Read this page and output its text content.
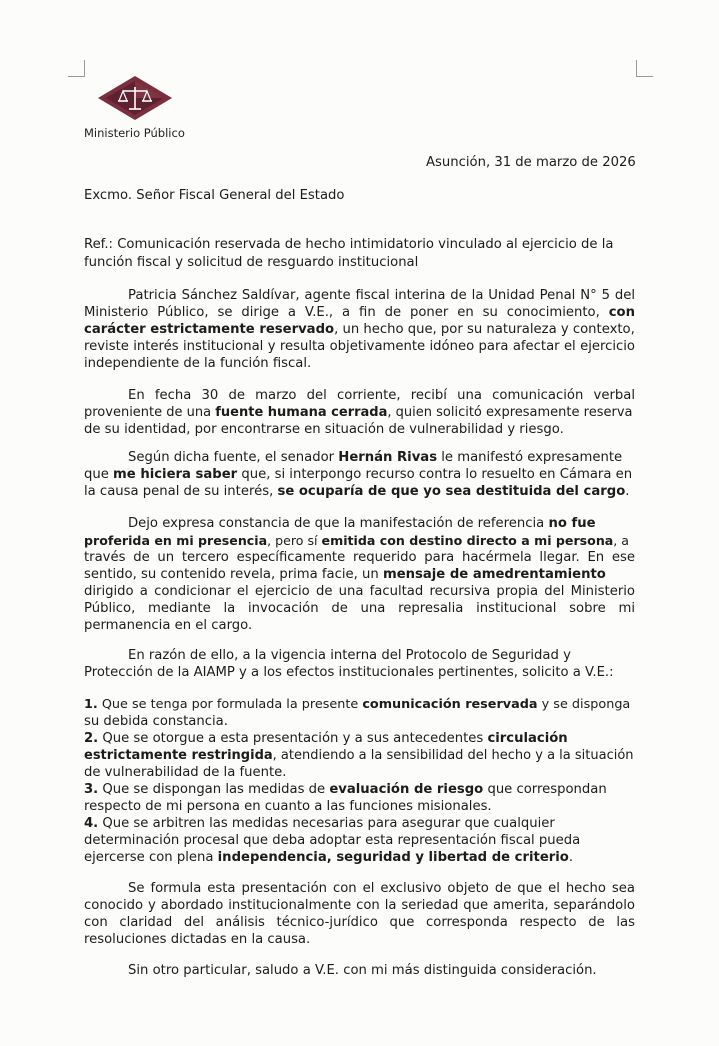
Ministerio Público
Asunción, 31 de marzo de 2026
Excmo. Señor Fiscal General del Estado
Ref.: Comunicación reservada de hecho intimidatorio vinculado al ejercicio de la
función fiscal y solicitud de resguardo institucional
Patricia Sánchez Saldívar, agente fiscal interina de la Unidad Penal N° 5 del
Ministerio Público, se dirige a V.E., a fin de poner en su conocimiento, con
carácter estrictamente reservado, un hecho que, por su naturaleza y contexto,
reviste interés institucional y resulta objetivamente idóneo para afectar el ejercicio
independiente de la función fiscal.
En fecha 30 de marzo del corriente, recibí una comunicación verbal
proveniente de una fuente humana cerrada, quien solicitó expresamente reserva
de su identidad, por encontrarse en situación de vulnerabilidad y riesgo.
Según dicha fuente, el senador Hernán Rivas le manifestó expresamente
que me hiciera saber que, si interpongo recurso contra lo resuelto en Cámara en
la causa penal de su interés, se ocuparía de que yo sea destituida del cargo.
Dejo expresa constancia de que la manifestación de referencia no fue
proferida en mi presencia, pero sí emitida con destino directo a mi persona, a
través de un tercero específicamente requerido para hacérmela llegar. En ese
sentido, su contenido revela, prima facie, un mensaje de amedrentamiento
dirigido a condicionar el ejercicio de una facultad recursiva propia del Ministerio
Público, mediante la invocación de una represalia institucional sobre mi
permanencia en el cargo.
En razón de ello, a la vigencia interna del Protocolo de Seguridad y
Protección de la AIAMP y a los efectos institucionales pertinentes, solicito a V.E.:
1. Que se tenga por formulada la presente comunicación reservada y se disponga
su debida constancia.
2. Que se otorgue a esta presentación y a sus antecedentes circulación
estrictamente restringida, atendiendo a la sensibilidad del hecho y a la situación
de vulnerabilidad de la fuente.
3. Que se dispongan las medidas de evaluación de riesgo que correspondan
respecto de mi persona en cuanto a las funciones misionales.
4. Que se arbitren las medidas necesarias para asegurar que cualquier
determinación procesal que deba adoptar esta representación fiscal pueda
ejercerse con plena independencia, seguridad y libertad de criterio.
Se formula esta presentación con el exclusivo objeto de que el hecho sea
conocido y abordado institucionalmente con la seriedad que amerita, separándolo
con claridad del análisis técnico-jurídico que corresponda respecto de las
resoluciones dictadas en la causa.
Sin otro particular, saludo a V.E. con mi más distinguida consideración.
